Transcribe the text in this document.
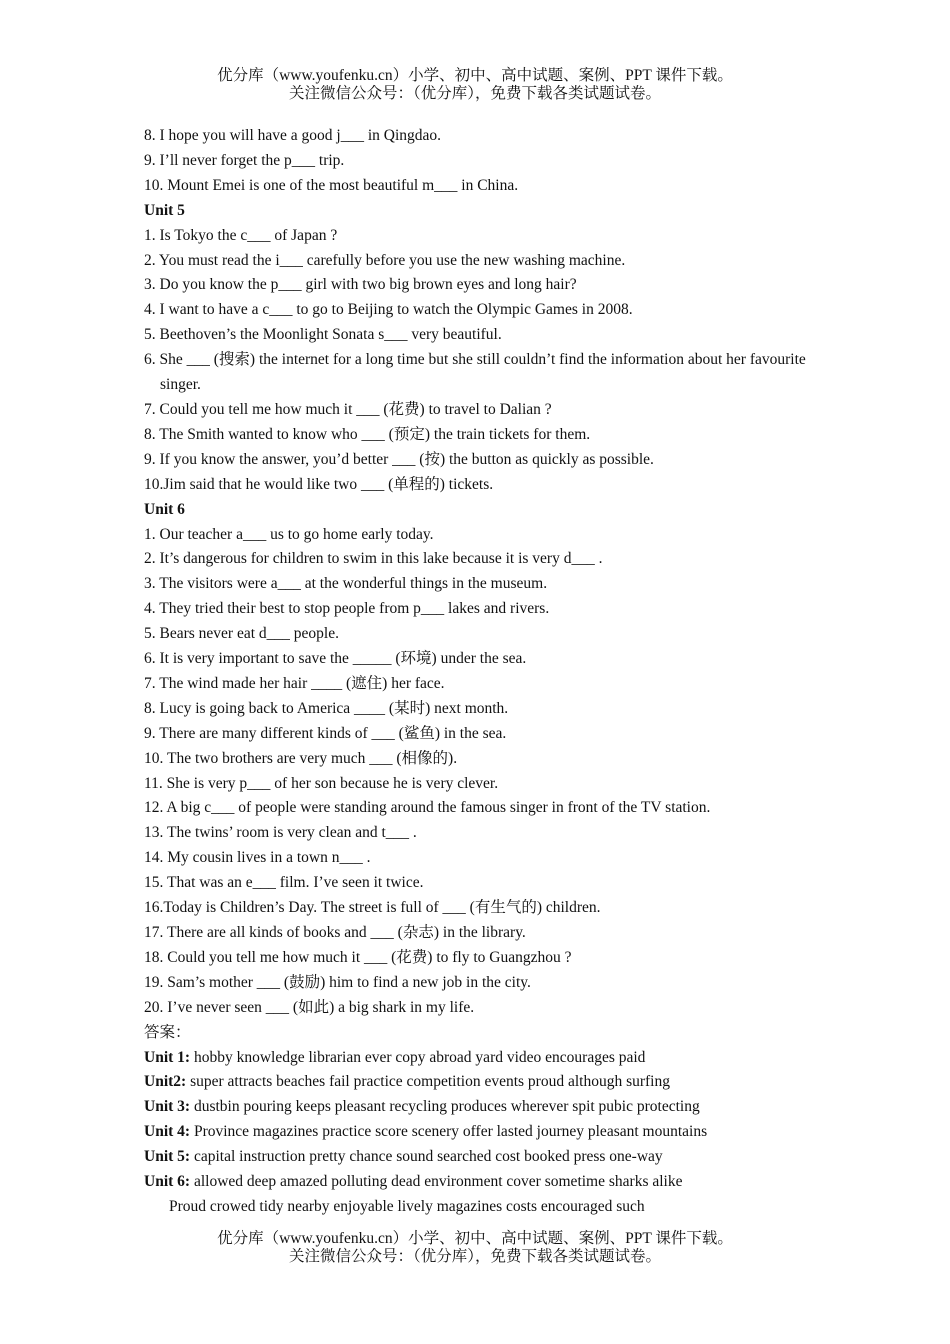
优分库（www.youfenku.cn）小学、初中、高中试题、案例、PPT 课件下载。
关注微信公众号：（优分库），免费下载各类试题试卷。
8. I hope you will have a good j___ in Qingdao.
9. I’ll never forget the p___ trip.
10. Mount Emei is one of the most beautiful m___ in China.
Unit 5
1. Is Tokyo the c___ of Japan ?
2. You must read the i___ carefully before you use the new washing machine.
3. Do you know the p___ girl with two big brown eyes and long hair?
4. I want to have a c___ to go to Beijing to watch the Olympic Games in 2008.
5. Beethoven’s the Moonlight Sonata s___ very beautiful.
6. She ___ (搜索) the internet for a long time but she still couldn’t find the information about her favourite singer.
7. Could you tell me how much it ___ (花费) to travel to Dalian ?
8. The Smith wanted to know who ___ (预定) the train tickets for them.
9. If you know the answer, you’d better ___ (按) the button as quickly as possible.
10.Jim said that he would like two ___ (单程的) tickets.
Unit 6
1. Our teacher a___ us to go home early today.
2. It’s dangerous for children to swim in this lake because it is very d___ .
3. The visitors were a___ at the wonderful things in the museum.
4. They tried their best to stop people from p___ lakes and rivers.
5. Bears never eat d___ people.
6. It is very important to save the _____ (环境) under the sea.
7. The wind made her hair ____ (遮住) her face.
8. Lucy is going back to America ____ (某时) next month.
9. There are many different kinds of ___ (鲨鱼) in the sea.
10. The two brothers are very much ___ (相像的).
11. She is very p___ of her son because he is very clever.
12. A big c___ of people were standing around the famous singer in front of the TV station.
13. The twins’ room is very clean and t___ .
14. My cousin lives in a town n___ .
15. That was an e___ film. I’ve seen it twice.
16.Today is Children’s Day. The street is full of ___ (有生气的) children.
17. There are all kinds of books and ___ (杂志) in the library.
18. Could you tell me how much it ___ (花费) to fly to Guangzhou ?
19. Sam’s mother ___ (鼓励) him to find a new job in the city.
20. I’ve never seen ___ (如此) a big shark in my life.
答案：
Unit 1: hobby knowledge librarian ever copy abroad yard video encourages paid
Unit2: super attracts beaches fail practice competition events proud although surfing
Unit 3: dustbin pouring keeps pleasant recycling produces wherever spit pubic protecting
Unit 4: Province magazines practice score scenery offer lasted journey pleasant mountains
Unit 5: capital instruction pretty chance sound searched cost booked press one-way
Unit 6: allowed deep amazed polluting dead environment cover sometime sharks alike
Proud crowed tidy nearby enjoyable lively magazines costs encouraged such
优分库（www.youfenku.cn）小学、初中、高中试题、案例、PPT 课件下载。
关注微信公众号：（优分库），免费下载各类试题试卷。
